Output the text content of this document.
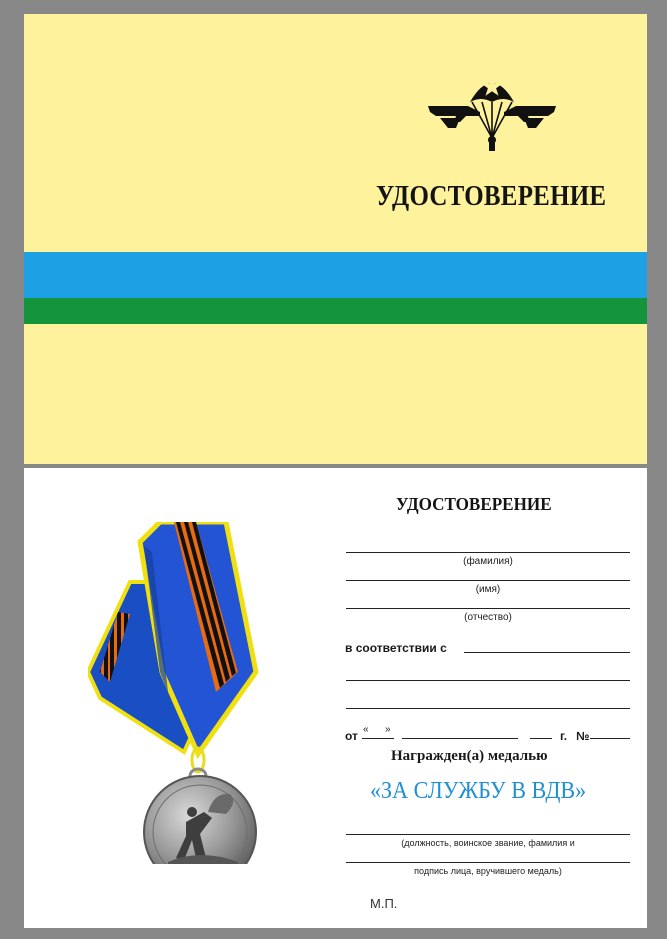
УДОСТОВЕРЕНИЕ
УДОСТОВЕРЕНИЕ
(фамилия)
(имя)
(отчество)
в соответствии с
от « »	г. №
Награжден(а) медалью
«ЗА СЛУЖБУ В ВДВ»
(должность, воинское звание, фамилия и
подпись лица, вручившего медаль)
М.П.
